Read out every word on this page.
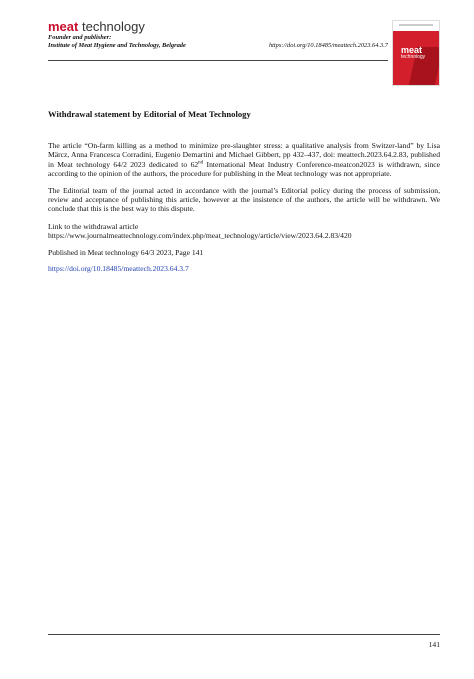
meat technology
Founder and publisher:
Institute of Meat Hygiene and Technology, Belgrade	https://doi.org/10.18485/meattech.2023.64.3.7 meat
technology
Withdrawal statement by Editorial of Meat Technology

The article “On-farm killing as a method to minimize pre-slaughter stress: a qualitative analysis from Switzer-land” by Lisa Märcz, Anna Francesca Corradini, Eugenio Demartini and Michael Gibbert, pp 432–437, doi: meattech.2023.64.2.83, published in Meat technology 64/2 2023 dedicated to 62nd International Meat Industry Conference-meatcon2023 is withdrawn, since according to the opinion of the authors, the procedure for publishing in the Meat technology was not appropriate.

The Editorial team of the journal acted in accordance with the journal’s Editorial policy during the process of submission, review and acceptance of publishing this article, however at the insistence of the authors, the article will be withdrawn. We conclude that this is the best way to this dispute.

Link to the withdrawal article

https://www.journalmeattechnology.com/index.php/meat_technology/article/view/2023.64.2.83/420

Published in Meat technology 64/3 2023, Page 141

https://doi.org/10.18485/meattech.2023.64.3.7

141
